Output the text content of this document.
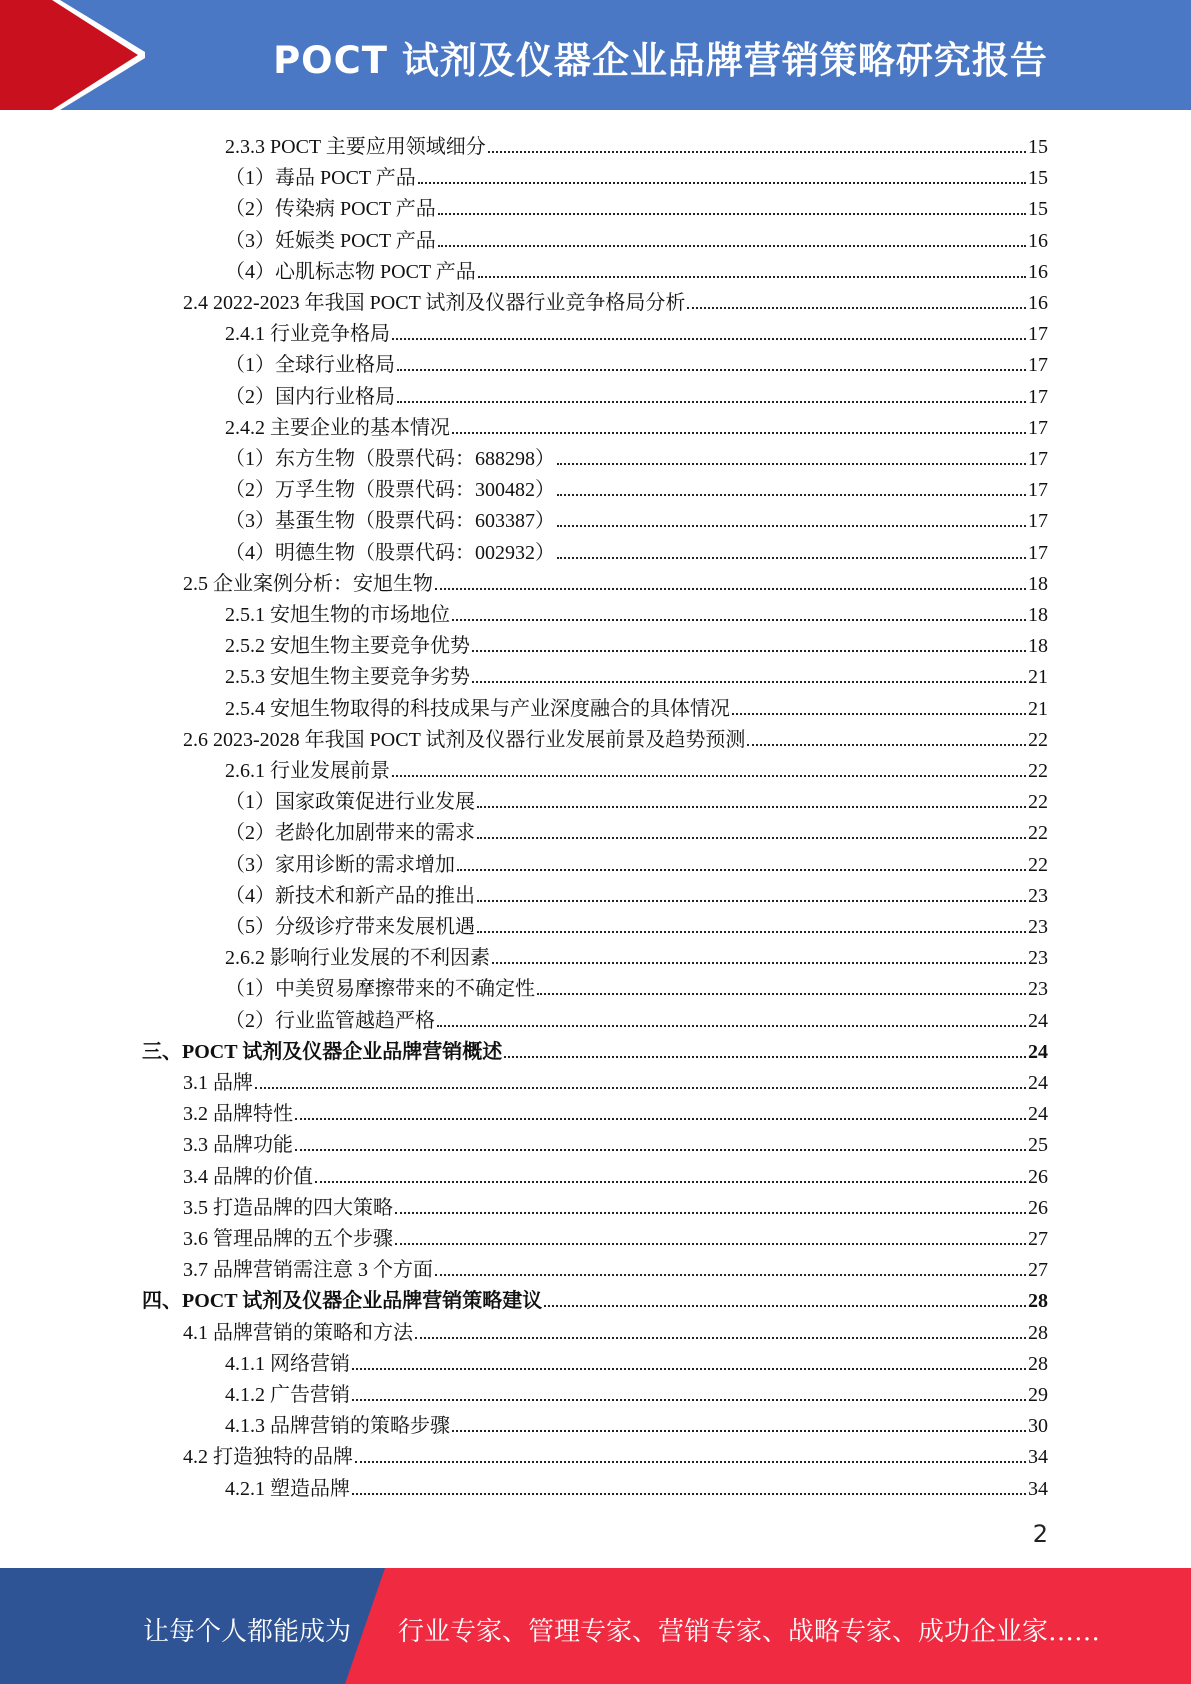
POCT 试剂及仪器企业品牌营销策略研究报告
2.3.3 POCT 主要应用领域细分	15
（1）毒品 POCT 产品	15
（2）传染病 POCT 产品	15
（3）妊娠类 POCT 产品	16
（4）心肌标志物 POCT 产品	16
2.4 2022-2023 年我国 POCT 试剂及仪器行业竞争格局分析	16
2.4.1 行业竞争格局	17
（1）全球行业格局	17
（2）国内行业格局	17
2.4.2 主要企业的基本情况	17
（1）东方生物（股票代码：688298）	17
（2）万孚生物（股票代码：300482）	17
（3）基蛋生物（股票代码：603387）	17
（4）明德生物（股票代码：002932）	17
2.5 企业案例分析：安旭生物	18
2.5.1 安旭生物的市场地位	18
2.5.2 安旭生物主要竞争优势	18
2.5.3 安旭生物主要竞争劣势	21
2.5.4 安旭生物取得的科技成果与产业深度融合的具体情况	21
2.6 2023-2028 年我国 POCT 试剂及仪器行业发展前景及趋势预测	22
2.6.1 行业发展前景	22
（1）国家政策促进行业发展	22
（2）老龄化加剧带来的需求	22
（3）家用诊断的需求增加	22
（4）新技术和新产品的推出	23
（5）分级诊疗带来发展机遇	23
2.6.2 影响行业发展的不利因素	23
（1）中美贸易摩擦带来的不确定性	23
（2）行业监管越趋严格	24
三、POCT 试剂及仪器企业品牌营销概述	24
3.1 品牌	24
3.2 品牌特性	24
3.3 品牌功能	25
3.4 品牌的价值	26
3.5 打造品牌的四大策略	26
3.6 管理品牌的五个步骤	27
3.7 品牌营销需注意 3 个方面	27
四、POCT 试剂及仪器企业品牌营销策略建议	28
4.1 品牌营销的策略和方法	28
4.1.1 网络营销	28
4.1.2 广告营销	29
4.1.3 品牌营销的策略步骤	30
4.2 打造独特的品牌	34
4.2.1 塑造品牌	34
2
让每个人都能成为 行业专家、管理专家、营销专家、战略专家、成功企业家……
